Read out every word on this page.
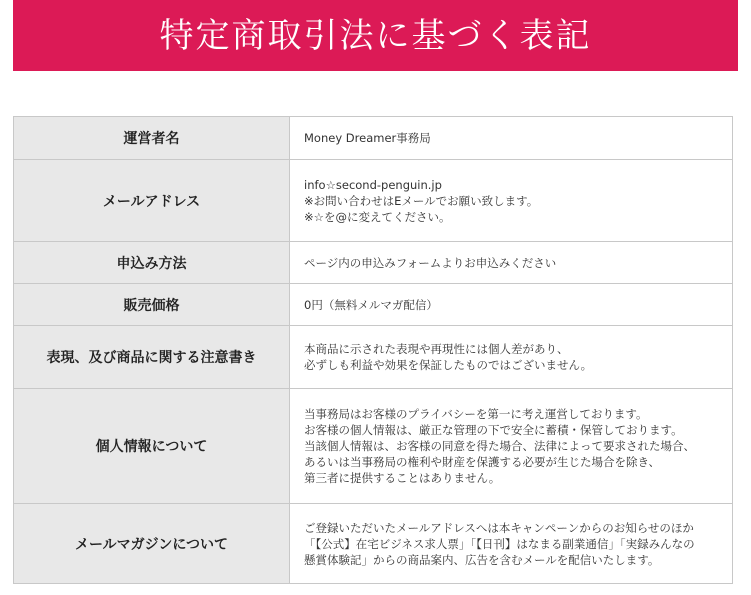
特定商取引法に基づく表記
運営者名	Money Dreamer事務局

メールアドレス	info☆second-penguin.jp
※お問い合わせはEメールでお願い致します。
※☆を@に変えてください。

申込み方法	ページ内の申込みフォームよりお申込みください

販売価格	0円（無料メルマガ配信）

表現、及び商品に関する注意書き	本商品に示された表現や再現性には個人差があり、
必ずしも利益や効果を保証したものではございません。

個人情報について	当事務局はお客様のプライバシーを第一に考え運営しております。
お客様の個人情報は、厳正な管理の下で安全に蓄積・保管しております。
当該個人情報は、お客様の同意を得た場合、法律によって要求された場合、
あるいは当事務局の権利や財産を保護する必要が生じた場合を除き、
第三者に提供することはありません。

メールマガジンについて	ご登録いただいたメールアドレスへは本キャンペーンからのお知らせのほか
「【公式】在宅ビジネス求人票」「【日刊】はなまる副業通信」「実録みんなの
懸賞体験記」からの商品案内、広告を含むメールを配信いたします。
